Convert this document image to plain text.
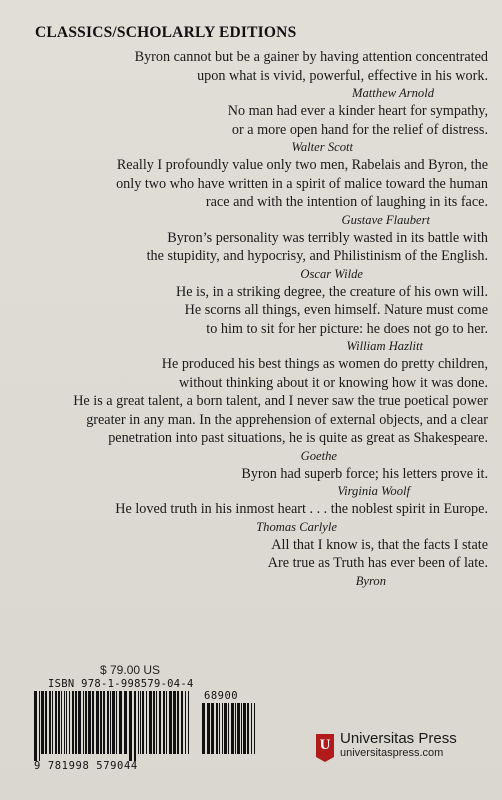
CLASSICS/SCHOLARLY EDITIONS
Byron cannot but be a gainer by having attention concentrated
upon what is vivid, powerful, effective in his work.
Matthew Arnold
No man had ever a kinder heart for sympathy,
or a more open hand for the relief of distress.
Walter Scott
Really I profoundly value only two men, Rabelais and Byron, the
only two who have written in a spirit of malice toward the human
race and with the intention of laughing in its face.
Gustave Flaubert
Byron’s personality was terribly wasted in its battle with
the stupidity, and hypocrisy, and Philistinism of the English.
Oscar Wilde
He is, in a striking degree, the creature of his own will.
He scorns all things, even himself. Nature must come
to him to sit for her picture: he does not go to her.
William Hazlitt
He produced his best things as women do pretty children,
without thinking about it or knowing how it was done.
He is a great talent, a born talent, and I never saw the true poetical power
greater in any man. In the apprehension of external objects, and a clear
penetration into past situations, he is quite as great as Shakespeare.
Goethe
Byron had superb force; his letters prove it.
Virginia Woolf
He loved truth in his inmost heart . . . the noblest spirit in Europe.
Thomas Carlyle
All that I know is, that the facts I state
Are true as Truth has ever been of late.
Byron
$ 79.00 US
ISBN 978-1-998579-04-4
68900
9 781998 579044
U Universitas Press
universitaspress.com
